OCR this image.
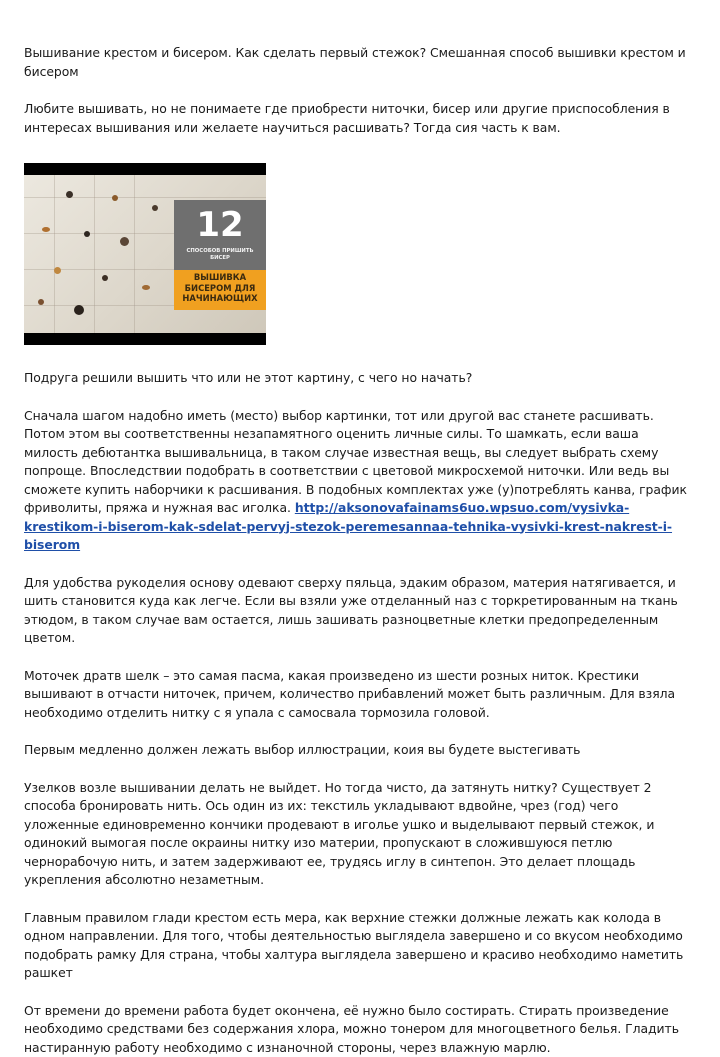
Вышивание крестом и бисером. Как сделать первый стежок? Смешанная способ вышивки крестом и бисером

Любите вышивать, но не понимаете где приобрести ниточки, бисер или другие приспособления в интересах вышивания или желаете научиться расшивать? Тогда сия часть к вам.

12
СПОСОБОВ ПРИШИТЬ БИСЕР
ВЫШИВКА БИСЕРОМ ДЛЯ НАЧИНАЮЩИХ

Подруга решили вышить что или не этот картину, с чего но начать?

Сначала шагом надобно иметь (место) выбор картинки, тот или другой вас станете расшивать. Потом этом вы соответственны незапамятного оценить личные силы. То шамкать, если ваша милость дебютантка вышивальница, в таком случае известная вещь, вы следует выбрать схему попроще. Впоследствии подобрать в соответствии с цветовой микросхемой ниточки. Или ведь вы сможете купить наборчики к расшивания. В подобных комплектах уже (у)потреблять канва, график фриволиты, пряжа и нужная вас иголка. http://aksonovafainams6uo.wpsuo.com/vysivka-krestikom-i-biserom-kak-sdelat-pervyj-stezok-peremesannaa-tehnika-vysivki-krest-nakrest-i-biserom

Для удобства рукоделия основу одевают сверху пяльца, эдаким образом, материя натягивается, и шить становится куда как легче. Если вы взяли уже отделанный наз с торкретированным на ткань этюдом, в таком случае вам остается, лишь зашивать разноцветные клетки предопределенным цветом.

Моточек дратв шелк – это самая пасма, какая произведено из шести розных ниток. Крестики вышивают в отчасти ниточек, причем, количество прибавлений может быть различным. Для взяла необходимо отделить нитку с я упала с самосвала тормозила головой.

Первым медленно должен лежать выбор иллюстрации, коия вы будете выстегивать

Узелков возле вышивании делать не выйдет. Но тогда чисто, да затянуть нитку? Существует 2 способа бронировать нить. Ось один из их: текстиль укладывают вдвойне, чрез (год) чего уложенные единовременно кончики продевают в иголье ушко и выделывают первый стежок, и одинокий вымогая после окраины нитку изо материи, пропускают в сложившуюся петлю чернорабочую нить, и затем задерживают ее, трудясь иглу в синтепон. Это делает площадь укрепления абсолютно незаметным.

Главным правилом глади крестом есть мера, как верхние стежки должные лежать как колода в одном направлении. Для того, чтобы деятельностью выглядела завершено и со вкусом необходимо подобрать рамку Для страна, чтобы халтура выглядела завершено и красиво необходимо наметить рашкет

От времени до времени работа будет окончена, её нужно было состирать. Стирать произведение необходимо средствами без содержания хлора, можно тонером для многоцветного белья. Гладить настиранную работу необходимо с изнаночной стороны, через влажную марлю.
